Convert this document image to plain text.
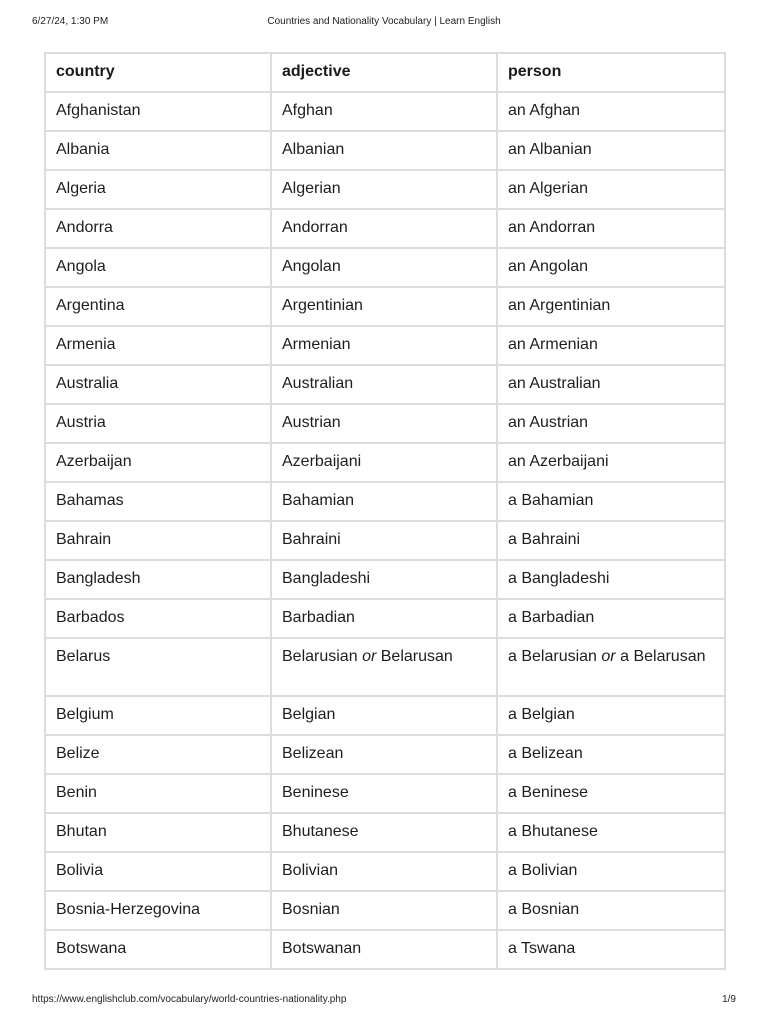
6/27/24, 1:30 PM	Countries and Nationality Vocabulary | Learn English
country	adjective	person
Afghanistan	Afghan	an Afghan
Albania	Albanian	an Albanian
Algeria	Algerian	an Algerian
Andorra	Andorran	an Andorran
Angola	Angolan	an Angolan
Argentina	Argentinian	an Argentinian
Armenia	Armenian	an Armenian
Australia	Australian	an Australian
Austria	Austrian	an Austrian
Azerbaijan	Azerbaijani	an Azerbaijani
Bahamas	Bahamian	a Bahamian
Bahrain	Bahraini	a Bahraini
Bangladesh	Bangladeshi	a Bangladeshi
Barbados	Barbadian	a Barbadian
Belarus	Belarusian or Belarusan	a Belarusian or a Belarusan
Belgium	Belgian	a Belgian
Belize	Belizean	a Belizean
Benin	Beninese	a Beninese
Bhutan	Bhutanese	a Bhutanese
Bolivia	Bolivian	a Bolivian
Bosnia-Herzegovina	Bosnian	a Bosnian
Botswana	Botswanan	a Tswana
https://www.englishclub.com/vocabulary/world-countries-nationality.php	1/9
